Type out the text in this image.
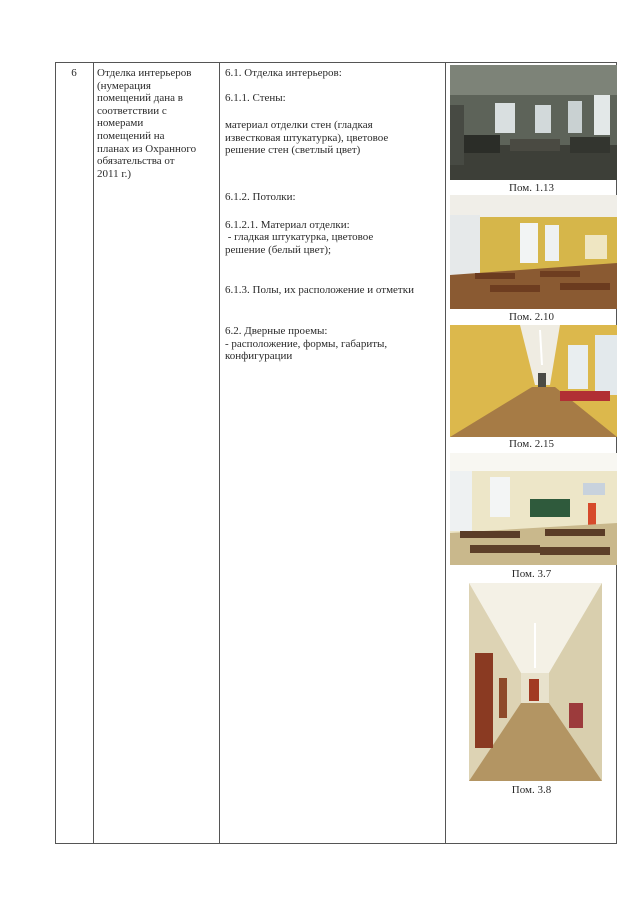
6	Отделка интерьеров
(нумерация
помещений дана в
соответствии с
номерами
помещений на
планах из Охранного
обязательства от
2011 г.)

6.1. Отделка интерьеров:

6.1.1. Стены:

материал отделки стен (гладкая
известковая штукатурка), цветовое
решение стен (светлый цвет)

6.1.2. Потолки:

6.1.2.1. Материал отделки:

- гладкая штукатурка, цветовое
решение (белый цвет);

6.1.3. Полы, их расположение и отметки

6.2. Дверные проемы:

- расположение, формы, габариты,
конфигурации

Пом. 1.13
Пом. 2.10
Пом. 2.15
Пом. 3.7
Пом. 3.8
